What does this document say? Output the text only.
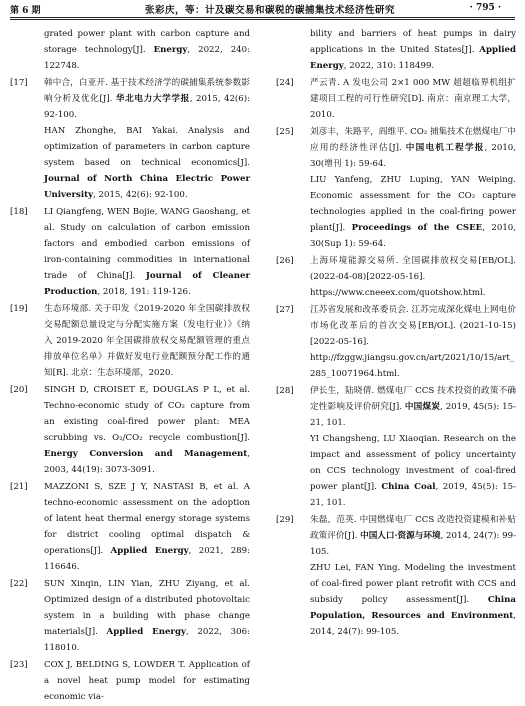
第 6 期	张彩庆，等：计及碳交易和碳税的碳捕集技术经济性研究	· 795 ·

grated power plant with carbon capture and storage technology[J]. Energy, 2022, 240: 122748.

[17]	韩中合，白亚开. 基于技术经济学的碳捕集系统参数影响分析及优化[J]. 华北电力大学学报, 2015, 42(6): 92-100.

HAN Zhonghe, BAI Yakai. Analysis and optimization of parameters in carbon capture system based on technical economics[J]. Journal of North China Electric Power University, 2015, 42(6): 92-100.

[18]	LI Qiangfeng, WEN Bojie, WANG Gaoshang, et al. Study on calculation of carbon emission factors and embodied carbon emissions of iron-containing commodities in international trade of China[J]. Journal of Cleaner Production, 2018, 191: 119-126.

[19]	生态环境部. 关于印发《2019-2020 年全国碳排放权交易配额总量设定与分配实施方案（发电行业）》《纳入 2019-2020 年全国碳排放权交易配额管理的重点排放单位名单》并做好发电行业配额预分配工作的通知[R]. 北京：生态环境部，2020.

[20]	SINGH D, CROISET E, DOUGLAS P L, et al. Techno-economic study of CO₂ capture from an existing coal-fired power plant: MEA scrubbing vs. O₂/CO₂ recycle combustion[J]. Energy Conversion and Management, 2003, 44(19): 3073-3091.

[21]	MAZZONI S, SZE J Y, NASTASI B, et al. A techno-economic assessment on the adoption of latent heat thermal energy storage systems for district cooling optimal dispatch & operations[J]. Applied Energy, 2021, 289: 116646.

[22]	SUN Xinqin, LIN Yian, ZHU Ziyang, et al. Optimized design of a distributed photovoltaic system in a building with phase change materials[J]. Applied Energy, 2022, 306: 118010.

[23]	COX J, BELDING S, LOWDER T. Application of a novel heat pump model for estimating economic via-

bility and barriers of heat pumps in dairy applications in the United States[J]. Applied Energy, 2022, 310: 118499.

[24]	严云青. A 发电公司 2×1 000 MW 超超临界机组扩建项目工程的可行性研究[D]. 南京：南京理工大学，2010.

[25]	刘彦丰，朱路平，阎维平. CO₂ 捕集技术在燃煤电厂中应用的经济性评估[J]. 中国电机工程学报, 2010, 30(增刊 1): 59-64.

LIU Yanfeng, ZHU Luping, YAN Weiping. Economic assessment for the CO₂ capture technologies applied in the coal-firing power plant[J]. Proceedings of the CSEE, 2010, 30(Sup 1): 59-64.

[26]	上海环境能源交易所. 全国碳排放权交易[EB/OL]. (2022-04-08)[2022-05-16]. https://www.cneeex.com/quotshow.html.

[27]	江苏省发展和改革委员会. 江苏完成深化煤电上网电价市场化改革后的首次交易[EB/OL]. (2021-10-15)[2022-05-16]. http://fzggw.jiangsu.gov.cn/art/2021/10/15/art_285_10071964.html.

[28]	伊长生，陆晓倩. 燃煤电厂 CCS 技术投资的政策不确定性影响及评价研究[J]. 中国煤炭, 2019, 45(5): 15-21, 101.

YI Changsheng, LU Xiaoqian. Research on the impact and assessment of policy uncertainty on CCS technology investment of coal-fired power plant[J]. China Coal, 2019, 45(5): 15-21, 101.

[29]	朱磊，范英. 中国燃煤电厂 CCS 改造投资建模和补贴政策评价[J]. 中国人口·资源与环境, 2014, 24(7): 99-105.

ZHU Lei, FAN Ying. Modeling the investment of coal-fired power plant retrofit with CCS and subsidy policy assessment[J]. China Population, Resources and Environment, 2014, 24(7): 99-105.
